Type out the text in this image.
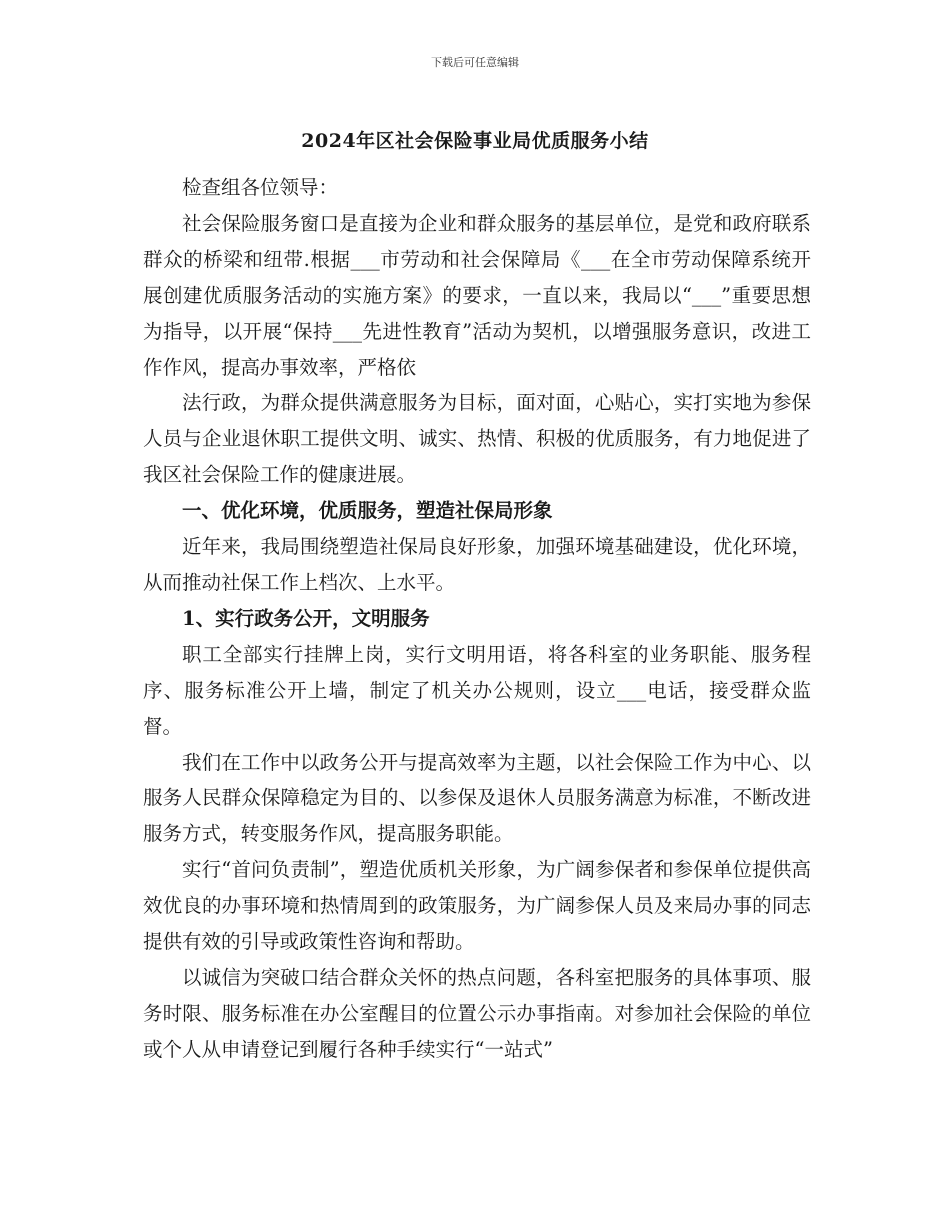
下载后可任意编辑
2024年区社会保险事业局优质服务小结

检查组各位领导：

社会保险服务窗口是直接为企业和群众服务的基层单位，是党和政府联系群众的桥梁和纽带.根据___市劳动和社会保障局《___在全市劳动保障系统开展创建优质服务活动的实施方案》的要求，一直以来，我局以“___”重要思想为指导，以开展“保持___先进性教育”活动为契机，以增强服务意识，改进工作作风，提高办事效率，严格依

法行政，为群众提供满意服务为目标，面对面，心贴心，实打实地为参保人员与企业退休职工提供文明、诚实、热情、积极的优质服务，有力地促进了我区社会保险工作的健康进展。

一、优化环境，优质服务，塑造社保局形象

近年来，我局围绕塑造社保局良好形象，加强环境基础建设，优化环境，从而推动社保工作上档次、上水平。

1、实行政务公开，文明服务

职工全部实行挂牌上岗，实行文明用语，将各科室的业务职能、服务程序、服务标准公开上墙，制定了机关办公规则，设立___电话，接受群众监督。

我们在工作中以政务公开与提高效率为主题，以社会保险工作为中心、以服务人民群众保障稳定为目的、以参保及退休人员服务满意为标准，不断改进服务方式，转变服务作风，提高服务职能。

实行“首问负责制”，塑造优质机关形象，为广阔参保者和参保单位提供高效优良的办事环境和热情周到的政策服务，为广阔参保人员及来局办事的同志提供有效的引导或政策性咨询和帮助。

以诚信为突破口结合群众关怀的热点问题，各科室把服务的具体事项、服务时限、服务标准在办公室醒目的位置公示办事指南。对参加社会保险的单位或个人从申请登记到履行各种手续实行“一站式”
